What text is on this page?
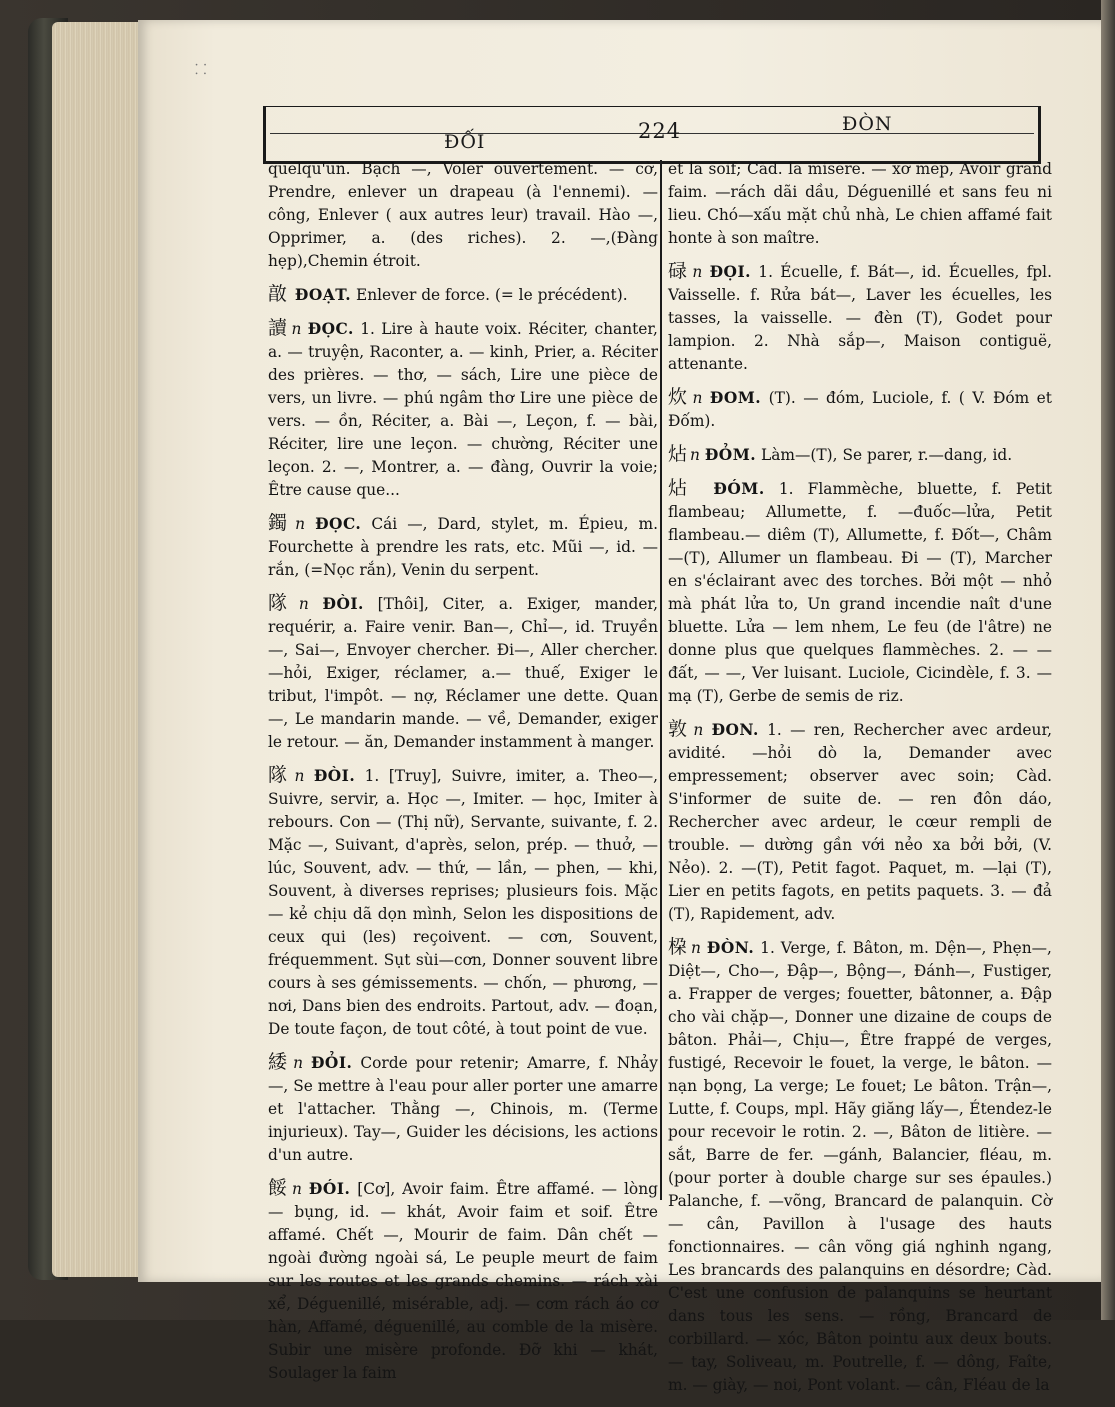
⸬
ĐỐI	224	ĐÒN

quelqu'un. Bạch —, Voler ouvertement. — cờ, Prendre, enlever un drapeau (à l'ennemi). — công, Enlever ( aux autres leur) travail. Hào —, Opprimer, a. (des riches). 2. —,(Đàng hẹp),Chemin étroit.

㪟 ĐOẠT. Enlever de force. (= le précédent).

讀 n ĐỌC. 1. Lire à haute voix. Réciter, chanter, a. — truyện, Raconter, a. — kinh, Prier, a. Réciter des prières. — thơ, — sách, Lire une pièce de vers, un livre. — phú ngâm thơ Lire une pièce de vers. — ồn, Réciter, a. Bài —, Leçon, f. — bài, Réciter, lire une leçon. — chường, Réciter une leçon. 2. —, Montrer, a. — đàng, Ouvrir la voie; Être cause que...

鐲 n ĐỌC. Cái —, Dard, stylet, m. Épieu, m. Fourchette à prendre les rats, etc. Mũi —, id. — rắn, (=Nọc rắn), Venin du serpent.

隊 n ĐÒI. [Thôi], Citer, a. Exiger, mander, requérir, a. Faire venir. Ban—, Chỉ—, id. Truyền—, Sai—, Envoyer chercher. Đi—, Aller chercher. —hỏi, Exiger, réclamer, a.— thuế, Exiger le tribut, l'impôt. — nợ, Réclamer une dette. Quan—, Le mandarin mande. — về, Demander, exiger le retour. — ăn, Demander instamment à manger.

隊 n ĐÒI. 1. [Truy], Suivre, imiter, a. Theo—, Suivre, servir, a. Học —, Imiter. — học, Imiter à rebours. Con — (Thị nữ), Servante, suivante, f. 2. Mặc —, Suivant, d'après, selon, prép. — thuở, — lúc, Souvent, adv. — thứ, — lần, — phen, — khi, Souvent, à diverses reprises; plusieurs fois. Mặc — kẻ chịu dã dọn mình, Selon les dispositions de ceux qui (les) reçoivent. — cơn, Souvent, fréquemment. Sụt sùi—cơn, Donner souvent libre cours à ses gémissements. — chốn, — phương, — nơi, Dans bien des endroits. Partout, adv. — đoạn, De toute façon, de tout côté, à tout point de vue.

緌 n ĐỎI. Corde pour retenir; Amarre, f. Nhảy —, Se mettre à l'eau pour aller porter une amarre et l'attacher. Thằng —, Chinois, m. (Terme injurieux). Tay—, Guider les décisions, les actions d'un autre.

餒 n ĐÓI. [Cơ], Avoir faim. Être affamé. — lòng — bụng, id. — khát, Avoir faim et soif. Être affamé. Chết —, Mourir de faim. Dân chết — ngoài đường ngoài sá, Le peuple meurt de faim sur les routes et les grands chemins. — rách xài xể, Déguenillé, misérable, adj. — cơm rách áo cơ hàn, Affamé, déguenillé, au comble de la misère. Subir une misère profonde. Đỡ khi — khát, Soulager la faim

et la soif; Càd. la misère. — xơ mép, Avoir grand faim. —rách dãi dầu, Déguenillé et sans feu ni lieu. Chó—xấu mặt chủ nhà, Le chien affamé fait honte à son maître.

碌 n ĐỌI. 1. Écuelle, f. Bát—, id. Écuelles, fpl. Vaisselle. f. Rửa bát—, Laver les écuelles, les tasses, la vaisselle. — đèn (T), Godet pour lampion. 2. Nhà sắp—, Maison contiguë, attenante.

炊 n ĐOM. (T). — đóm, Luciole, f. ( V. Đóm et Đốm).

炶 n ĐỎM. Làm—(T), Se parer, r.—dang, id.

炶 ĐÓM. 1. Flammèche, bluette, f. Petit flambeau; Allumette, f. —đuốc—lửa, Petit flambeau.— diêm (T), Allumette, f. Đốt—, Châm—(T), Allumer un flambeau. Đi — (T), Marcher en s'éclairant avec des torches. Bởi một — nhỏ mà phát lửa to, Un grand incendie naît d'une bluette. Lửa — lem nhem, Le feu (de l'âtre) ne donne plus que quelques flammèches. 2. — — đất, — —, Ver luisant. Luciole, Cicindèle, f. 3. — mạ (T), Gerbe de semis de riz.

敦 n ĐON. 1. — ren, Rechercher avec ardeur, avidité. —hỏi dò la, Demander avec empressement; observer avec soin; Càd. S'informer de suite de. — ren đôn dáo, Rechercher avec ardeur, le cœur rempli de trouble. — dường gần với nẻo xa bởi bởi, (V. Nẻo). 2. —(T), Petit fagot. Paquet, m. —lại (T), Lier en petits fagots, en petits paquets. 3. — đả (T), Rapidement, adv.

桗 n ĐÒN. 1. Verge, f. Bâton, m. Dện—, Phẹn—, Diệt—, Cho—, Đập—, Bộng—, Đánh—, Fustiger, a. Frapper de verges; fouetter, bâtonner, a. Đập cho vài chặp—, Donner une dizaine de coups de bâton. Phải—, Chịu—, Être frappé de verges, fustigé, Recevoir le fouet, la verge, le bâton. —nạn bọng, La verge; Le fouet; Le bâton. Trận—, Lutte, f. Coups, mpl. Hãy giăng lấy—, Étendez-le pour recevoir le rotin. 2. —, Bâton de litière. —sắt, Barre de fer. —gánh, Balancier, fléau, m. (pour porter à double charge sur ses épaules.) Palanche, f. —võng, Brancard de palanquin. Cờ — cân, Pavillon à l'usage des hauts fonctionnaires. — cân võng giá nghinh ngang, Les brancards des palanquins en désordre; Càd. C'est une confusion de palanquins se heurtant dans tous les sens. — rồng, Brancard de corbillard. — xóc, Bâton pointu aux deux bouts. — tay, Soliveau, m. Poutrelle, f. — dông, Faîte, m. — giày, — noi, Pont volant. — cân, Fléau de la
